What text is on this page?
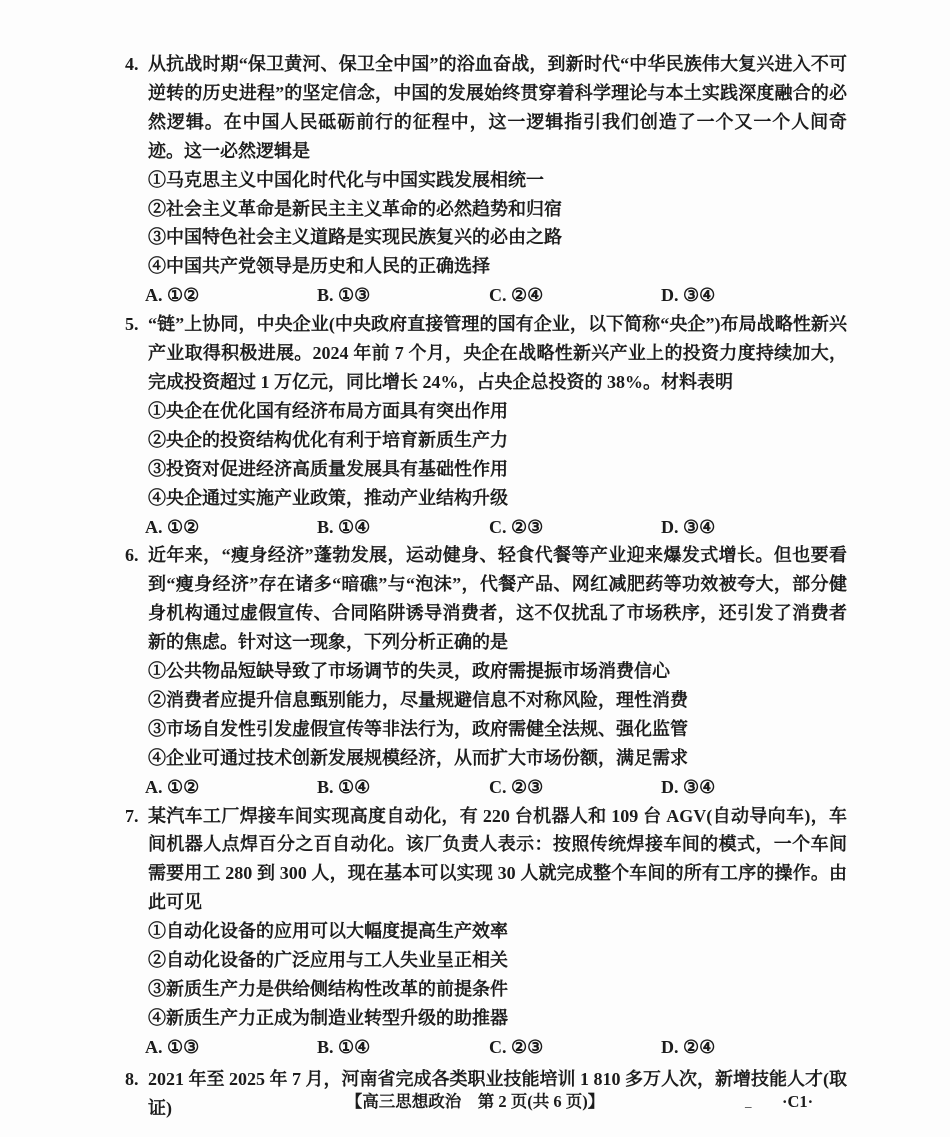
4. 从抗战时期“保卫黄河、保卫全中国”的浴血奋战，到新时代“中华民族伟大复兴进入不可逆转的历史进程”的坚定信念，中国的发展始终贯穿着科学理论与本土实践深度融合的必然逻辑。在中国人民砥砺前行的征程中，这一逻辑指引我们创造了一个又一个人间奇迹。这一必然逻辑是

①马克思主义中国化时代化与中国实践发展相统一

②社会主义革命是新民主主义革命的必然趋势和归宿

③中国特色社会主义道路是实现民族复兴的必由之路

④中国共产党领导是历史和人民的正确选择

A. ①②	B. ①③	C. ②④	D. ③④

5. “链”上协同，中央企业(中央政府直接管理的国有企业，以下简称“央企”)布局战略性新兴产业取得积极进展。2024 年前 7 个月，央企在战略性新兴产业上的投资力度持续加大，完成投资超过 1 万亿元，同比增长 24%，占央企总投资的 38%。材料表明

①央企在优化国有经济布局方面具有突出作用

②央企的投资结构优化有利于培育新质生产力

③投资对促进经济高质量发展具有基础性作用

④央企通过实施产业政策，推动产业结构升级

A. ①②	B. ①④	C. ②③	D. ③④

6. 近年来，“瘦身经济”蓬勃发展，运动健身、轻食代餐等产业迎来爆发式增长。但也要看到“瘦身经济”存在诸多“暗礁”与“泡沫”，代餐产品、网红减肥药等功效被夸大，部分健身机构通过虚假宣传、合同陷阱诱导消费者，这不仅扰乱了市场秩序，还引发了消费者新的焦虑。针对这一现象，下列分析正确的是

①公共物品短缺导致了市场调节的失灵，政府需提振市场消费信心

②消费者应提升信息甄别能力，尽量规避信息不对称风险，理性消费

③市场自发性引发虚假宣传等非法行为，政府需健全法规、强化监管

④企业可通过技术创新发展规模经济，从而扩大市场份额，满足需求

A. ①②	B. ①④	C. ②③	D. ③④

7. 某汽车工厂焊接车间实现高度自动化，有 220 台机器人和 109 台 AGV(自动导向车)，车间机器人点焊百分之百自动化。该厂负责人表示：按照传统焊接车间的模式，一个车间需要用工 280 到 300 人，现在基本可以实现 30 人就完成整个车间的所有工序的操作。由此可见

①自动化设备的应用可以大幅度提高生产效率

②自动化设备的广泛应用与工人失业呈正相关

③新质生产力是供给侧结构性改革的前提条件

④新质生产力正成为制造业转型升级的助推器

A. ①③	B. ①④	C. ②③	D. ②④

8. 2021 年至 2025 年 7 月，河南省完成各类职业技能培训 1 810 多万人次，新增技能人才(取证)	【高三思想政治　第 2 页(共 6 页)】	_ ·C1·
